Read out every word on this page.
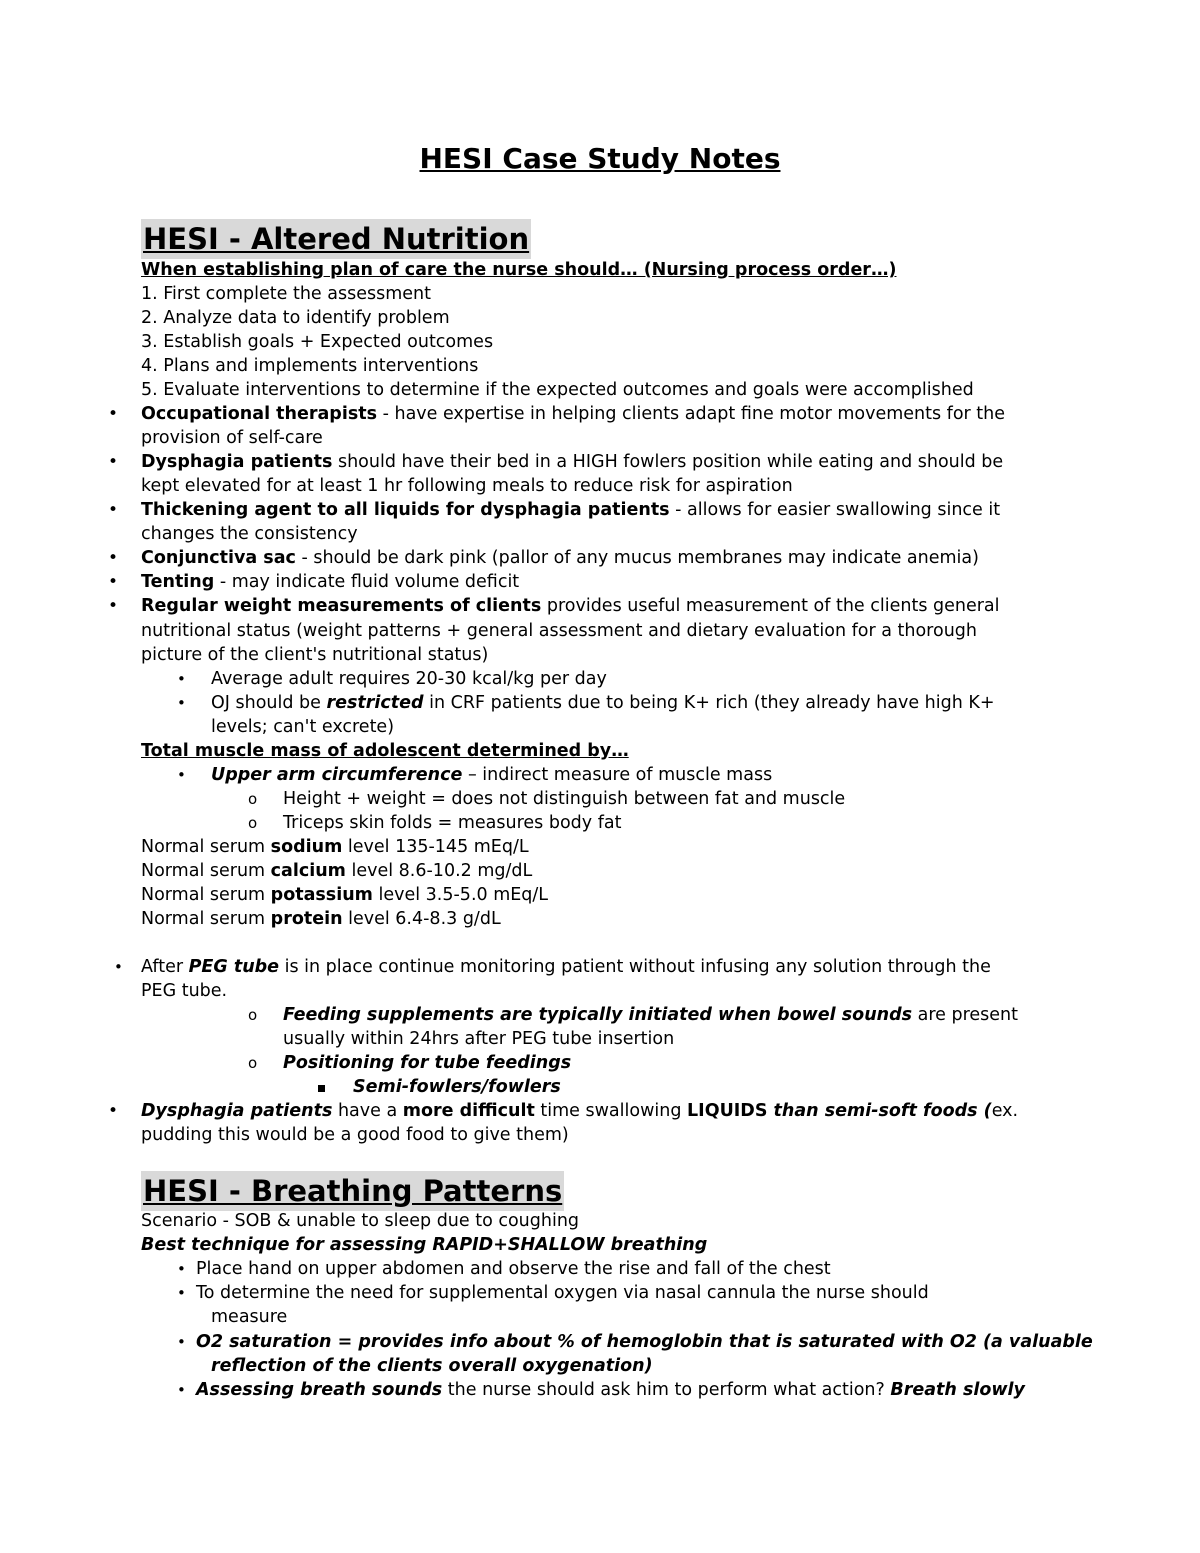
HESI Case Study Notes
HESI - Altered Nutrition
When establishing plan of care the nurse should… (Nursing process order…)
1. First complete the assessment
2. Analyze data to identify problem
3. Establish goals + Expected outcomes
4. Plans and implements interventions
5. Evaluate interventions to determine if the expected outcomes and goals were accomplished
• Occupational therapists - have expertise in helping clients adapt fine motor movements for the
provision of self-care
• Dysphagia patients should have their bed in a HIGH fowlers position while eating and should be
kept elevated for at least 1 hr following meals to reduce risk for aspiration
• Thickening agent to all liquids for dysphagia patients - allows for easier swallowing since it
changes the consistency
• Conjunctiva sac - should be dark pink (pallor of any mucus membranes may indicate anemia)
• Tenting - may indicate fluid volume deficit
• Regular weight measurements of clients provides useful measurement of the clients general
nutritional status (weight patterns + general assessment and dietary evaluation for a thorough
picture of the client's nutritional status)
• Average adult requires 20-30 kcal/kg per day
• OJ should be restricted in CRF patients due to being K+ rich (they already have high K+
levels; can't excrete)
Total muscle mass of adolescent determined by…
• Upper arm circumference – indirect measure of muscle mass
o Height + weight = does not distinguish between fat and muscle
o Triceps skin folds = measures body fat
Normal serum sodium level 135-145 mEq/L
Normal serum calcium level 8.6-10.2 mg/dL
Normal serum potassium level 3.5-5.0 mEq/L
Normal serum protein level 6.4-8.3 g/dL
• After PEG tube is in place continue monitoring patient without infusing any solution through the
PEG tube.
o Feeding supplements are typically initiated when bowel sounds are present
usually within 24hrs after PEG tube insertion
o Positioning for tube feedings
Semi-fowlers/fowlers
• Dysphagia patients have a more difficult time swallowing LIQUIDS than semi-soft foods (ex.
pudding this would be a good food to give them)
HESI - Breathing Patterns
Scenario - SOB & unable to sleep due to coughing
Best technique for assessing RAPID+SHALLOW breathing
• Place hand on upper abdomen and observe the rise and fall of the chest
• To determine the need for supplemental oxygen via nasal cannula the nurse should
measure
• O2 saturation = provides info about % of hemoglobin that is saturated with O2 (a valuable
reflection of the clients overall oxygenation)
• Assessing breath sounds the nurse should ask him to perform what action? Breath slowly
